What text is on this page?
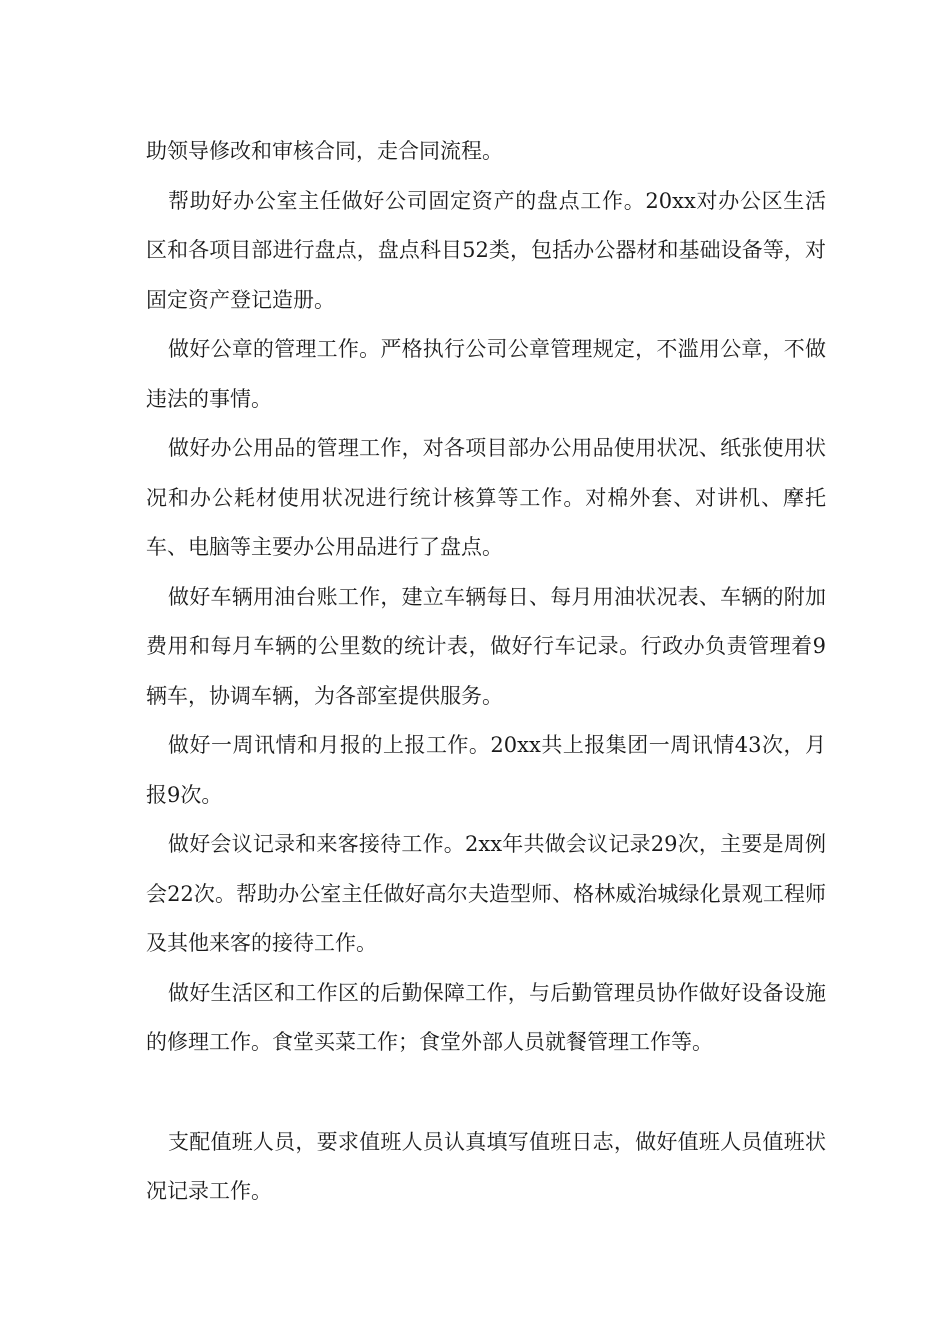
助领导修改和审核合同，走合同流程。

帮助好办公室主任做好公司固定资产的盘点工作。20xx对办公区生活区和各项目部进行盘点，盘点科目52类，包括办公器材和基础设备等，对固定资产登记造册。

做好公章的管理工作。严格执行公司公章管理规定，不滥用公章，不做违法的事情。

做好办公用品的管理工作，对各项目部办公用品使用状况、纸张使用状况和办公耗材使用状况进行统计核算等工作。对棉外套、对讲机、摩托车、电脑等主要办公用品进行了盘点。

做好车辆用油台账工作，建立车辆每日、每月用油状况表、车辆的附加费用和每月车辆的公里数的统计表，做好行车记录。行政办负责管理着9辆车，协调车辆，为各部室提供服务。

做好一周讯情和月报的上报工作。20xx共上报集团一周讯情43次，月报9次。

做好会议记录和来客接待工作。2xx年共做会议记录29次，主要是周例会22次。帮助办公室主任做好高尔夫造型师、格林威治城绿化景观工程师及其他来客的接待工作。

做好生活区和工作区的后勤保障工作，与后勤管理员协作做好设备设施的修理工作。食堂买菜工作；食堂外部人员就餐管理工作等。

支配值班人员，要求值班人员认真填写值班日志，做好值班人员值班状况记录工作。
